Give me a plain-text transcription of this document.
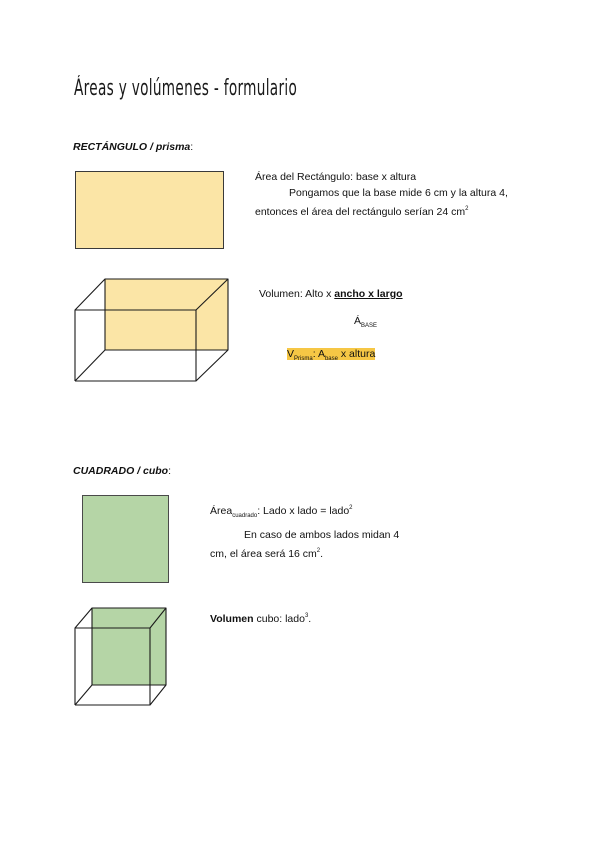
Áreas y volúmenes - formulario
RECTÁNGULO / prisma:
Área del Rectángulo: base x altura
Pongamos que la base mide 6 cm y la altura 4,
entonces el área del rectángulo serían 24 $cm^2$
Volumen: Alto x ancho x largo
$Á_{BASE}$
$V_{Prisma}$: $A_{base}$ x altura
CUADRADO / cubo:
Área$_{cuadrado}$: Lado x lado = lado$^2$
En caso de ambos lados midan 4
cm, el área será 16 $cm^2$.
Volumen cubo: lado$^3$.
